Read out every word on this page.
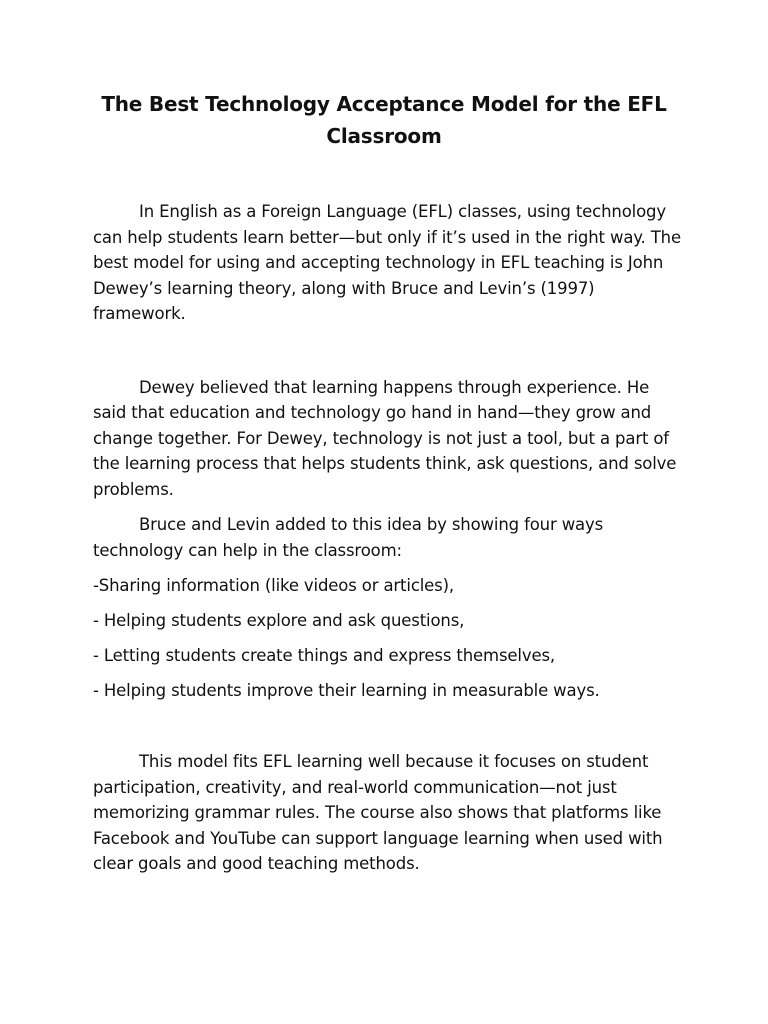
The Best Technology Acceptance Model for the EFL Classroom

In English as a Foreign Language (EFL) classes, using technology can help students learn better—but only if it’s used in the right way. The best model for using and accepting technology in EFL teaching is John Dewey’s learning theory, along with Bruce and Levin’s (1997) framework.

Dewey believed that learning happens through experience. He said that education and technology go hand in hand—they grow and change together. For Dewey, technology is not just a tool, but a part of the learning process that helps students think, ask questions, and solve problems.

Bruce and Levin added to this idea by showing four ways technology can help in the classroom:

-Sharing information (like videos or articles),

- Helping students explore and ask questions,

- Letting students create things and express themselves,

- Helping students improve their learning in measurable ways.

This model fits EFL learning well because it focuses on student participation, creativity, and real-world communication—not just memorizing grammar rules. The course also shows that platforms like Facebook and YouTube can support language learning when used with clear goals and good teaching methods.
